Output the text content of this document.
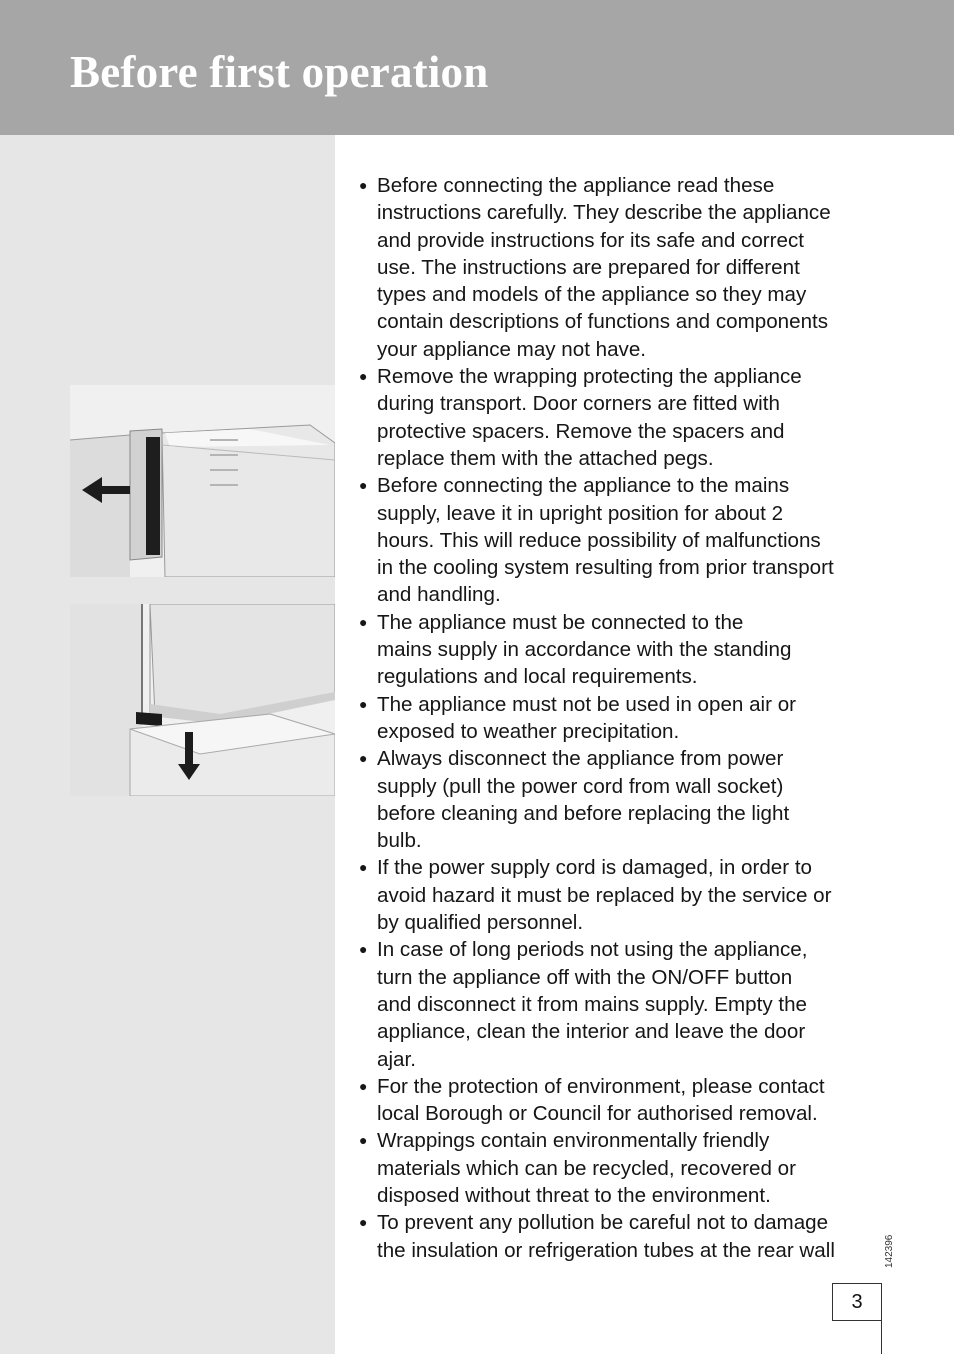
Before first operation
● Before connecting the appliance read these
instructions carefully. They describe the appliance
and provide instructions for its safe and correct
use. The instructions are prepared for different
types and models of the appliance so they may
contain descriptions of functions and components
your appliance may not have.
● Remove the wrapping protecting the appliance
during transport. Door corners are fitted with
protective spacers. Remove the spacers and
replace them with the attached pegs.
● Before connecting the appliance to the mains
supply, leave it in upright position for about 2
hours. This will reduce possibility of malfunctions
in the cooling system resulting from prior transport
and handling.
● The appliance must be connected to the
mains supply in accordance with the standing
regulations and local requirements.
● The appliance must not be used in open air or
exposed to weather precipitation.
● Always disconnect the appliance from power
supply (pull the power cord from wall socket)
before cleaning and before replacing the light
bulb.
● If the power supply cord is damaged, in order to
avoid hazard it must be replaced by the service or
by qualified personnel.
● In case of long periods not using the appliance,
turn the appliance off with the ON/OFF button
and disconnect it from mains supply. Empty the
appliance, clean the interior and leave the door
ajar.
● For the protection of environment, please contact
local Borough or Council for authorised removal.
● Wrappings contain environmentally friendly
materials which can be recycled, recovered or
disposed without threat to the environment.
● To prevent any pollution be careful not to damage
the insulation or refrigeration tubes at the rear wall	142396
3
